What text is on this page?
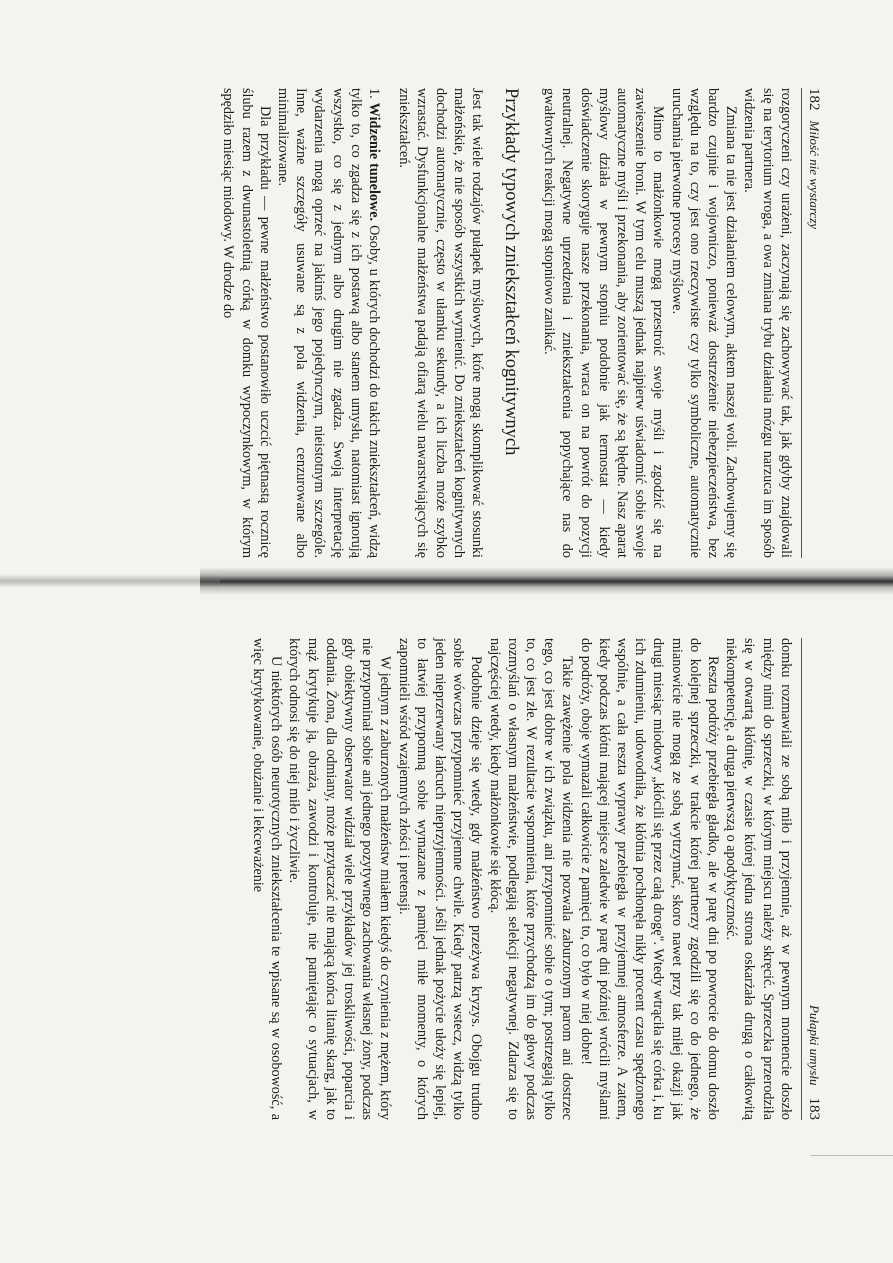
182
Miłość nie wystarczy

rozgoryczeni czy urażeni, zaczynają się zachowywać tak, jak gdyby znajdowali się na terytorium wroga, a owa zmiana trybu działania mózgu narzuca im sposób widzenia partnera.

Zmiana ta nie jest działaniem celowym, aktem naszej woli. Zachowujemy się bardzo czujnie i wojowniczo, ponieważ dostrzeżenie niebezpieczeństwa, bez względu na to, czy jest ono rzeczywiste czy tylko symboliczne, automatycznie uruchamia pierwotne procesy myślowe.

Mimo to małżonkowie mogą przestroić swoje myśli i zgodzić się na zawieszenie broni. W tym celu muszą jednak najpierw uświadomić sobie swoje automatyczne myśli i przekonania, aby zorientować się, że są błędne. Nasz aparat myślowy działa w pewnym stopniu podobnie jak termostat — kiedy doświadczenie skoryguje nasze przekonania, wraca on na powrót do pozycji neutralnej. Negatywne uprzedzenia i zniekształcenia popychające nas do gwałtownych reakcji mogą stopniowo zanikać.

Przykłady typowych zniekształceń kognitywnych

Jest tak wiele rodzajów pułapek myślowych, które mogą skomplikować stosunki małżeńskie, że nie sposób wszystkich wymienić. Do zniekształceń kognitywnych dochodzi automatycznie, często w ułamku sekundy, a ich liczba może szybko wzrastać. Dysfunkcjonalne małżeństwa padają ofiarą wielu nawarstwiających się zniekształceń.

1. Widzenie tunelowe. Osoby, u których dochodzi do takich zniekształceń, widzą tylko to, co zgadza się z ich postawą albo stanem umysłu, natomiast ignorują wszystko, co się z jednym albo drugim nie zgadza. Swoją interpretację wydarzenia mogą oprzeć na jakimś jego pojedynczym, nieistotnym szczególe. Inne, ważne szczegóły usuwane są z pola widzenia, cenzurowane albo minimalizowane.

Dla przykładu — pewne małżeństwo postanowiło uczcić piętnastą rocznicę ślubu razem z dwunastoletnią córką w domku wypoczynkowym, w którym spędziło miesiąc miodowy. W drodze do

Pułapki umysłu
183

domku rozmawiali ze sobą miło i przyjemnie, aż w pewnym momencie doszło między nimi do sprzeczki, w którym miejscu należy skręcić. Sprzeczka przerodziła się w otwartą kłótnię, w czasie której jedna strona oskarżała drugą o całkowitą niekompetencję, a druga pierwszą o apodyktyczność.

Reszta podróży przebiegła gładko, ale w parę dni po powrocie do domu doszło do kolejnej sprzeczki, w trakcie której partnerzy zgodzili się co do jednego, że mianowicie nie mogą ze sobą wytrzymać, skoro nawet przy tak miłej okazji jak drugi miesiąc miodowy „kłócili się przez całą drogę". Wtedy wtrąciła się córka i, ku ich zdumieniu, udowodniła, że kłótnia pochłonęła nikły procent czasu spędzonego wspólnie, a cała reszta wyprawy przebiegła w przyjemnej atmosferze. A zatem, kiedy podczas kłótni mającej miejsce zaledwie w parę dni później wrócili myślami do podróży, oboje wymazali całkowicie z pamięci to, co było w niej dobre!

Takie zawężenie pola widzenia nie pozwala zaburzonym parom ani dostrzec tego, co jest dobre w ich związku, ani przypomnieć sobie o tym; postrzegają tylko to, co jest złe. W rezultacie wspomnienia, które przychodzą im do głowy podczas rozmyślań o własnym małżeństwie, podlegają selekcji negatywnej. Zdarza się to najczęściej wtedy, kiedy małżonkowie się kłócą.

Podobnie dzieje się wtedy, gdy małżeństwo przeżywa kryzys. Obojgu trudno sobie wówczas przypomnieć przyjemne chwile. Kiedy patrzą wstecz, widzą tylko jeden nieprzerwany łańcuch nieprzyjemności. Jeśli jednak pożycie ułoży się lepiej, to łatwiej przypomną sobie wymazane z pamięci miłe momenty, o których zapomnieli wśród wzajemnych złości i pretensji.

W jednym z zaburzonych małżeństw miałem kiedyś do czynienia z mężem, który nie przypominał sobie ani jednego pozytywnego zachowania własnej żony, podczas gdy obiektywny obserwator widział wiele przykładów jej troskliwości, poparcia i oddania. Żona, dla odmiany, może przytaczać nie mającą końca litanię skarg, jak to mąż krytykuje ją, obraża, zawodzi i kontroluje, nie pamiętając o sytuacjach, w których odnosi się do niej miło i życzliwie.

U niektórych osób neurotycznych zniekształcenia te wpisane są w osobowość, a więc krytykowanie, obużanie i lekceważenie
